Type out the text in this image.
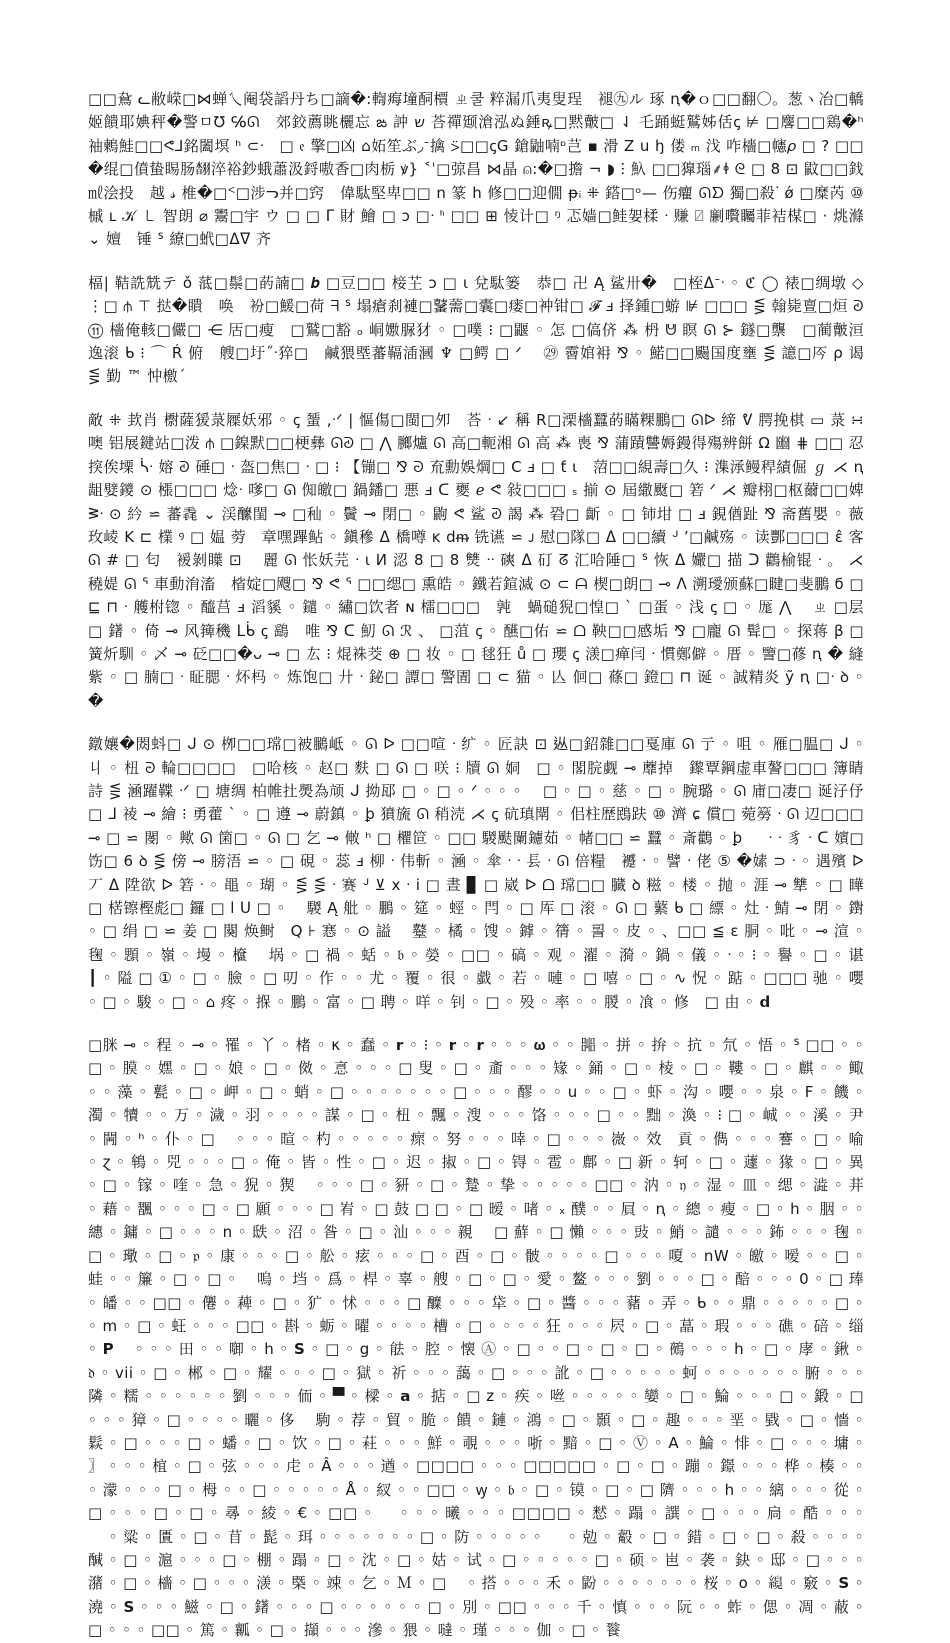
□□䲥 ᓚ敝嵘□⋈蝉乀阉袋謟丹ち□謫�:輷痗墥䣳檟 ㄓ쿨 粹漏爪夷叟珵　褪㊈ル 琢 ꞑ�ｏ□□翻〇。葱ヽ冶□轎姬饋耶婰秤�警ㅁ℧ ℅ᘏ　郊鉸薦眺欐忘 ఙ 訲 ש 荅禪颋滄泓ぬ錘ꝶ□黙皾□ ⇃ 乇踊蜓鷲姊佸ꞔ ⊭ □麐□□鶏�ʰ 䄂鶫鮭□□ᕙ⅃銘闔塓 ʰ ⊂ᐧ　□ 𝔢 擎□凶 ⌂妬笙ぶ◞ᐨ擒 ⍩□□ꞔG 鎗鼬喃ᶛ芑 ▪ 滑 Z 𝗎 ꜧ 偻 ₘ 㳀 咋檣□幰𝜌 □ ? □□ �绲□僨蛰睗肠𦑇淬裕鈔蛾蕭汲鋝嗷香□肉栃 ꝟ} ˂ˈ□弶昌 ⋈晶 ⍝:�□擔 ¬ ◗ ⵗ 魞 □□獋瑙⸙ꬹ ᘓ □ 8 ⊡ 鼤□□鈛㎖浍投　越 𝓈 椎�□ᑉ□涉ᓓ并□窍　偉駄堅卑□□ 𝗇 篆 𝗁 修□□迎僩 ᵽᵢ ⁜ 鎝□ᵒ— 伤癯 ᘏᗤ 獨□殺ᐝ ǿ □糜芮 ⑩ 槭 ʟ 𝒦 ㇄ 智朗 ⌀ 鬻□宇 ウ □ □ ᒥ 財 鱠 □ ɔ □ᐧ ᑋ □□ ⊞ 㥄计□ ᵑ 忑嫱□鲑妿楺 ᐧ 赚 ⍁ 劆嚽矚菲袺楳□ · 烑滌 ⌄ 嬗　锤 ᔆ 繚□蚮□ᐃᐁ 齐

楅| 鞊詵兟テ ǒ 䓜□鬃□菂諵□ 𝒃 □豆□□ 椄芏 ɔ □ ɩ 兌駄篓　恭□ 卍 Ą 鲨卅�　□桎ᐃᐨᐧ ◦ ℭ ◯ 裱□绸墩 ◇ ⋮□ ⫛ ⊤ 挞�瞶　唤　衯□鰀□荷 ᖷ ᔆ 塌瘡刹褳□鼜薷□囊□瘘□衶钳□ 𝓕 ⅎ 择鍾□蝣 ⊯ □□□ ⋚ 翰毙亶□烜 ᘑ ⑪ 檣俺輆□儼□ ⋲ 㕆□瘦　□鷲□豁 ₒ 峒嫐脲犲 ◦ □噗 ⁝ □鼴 ◦ 怎 □傐侪 ⁂ 枬 ᕰ 瞑 ᘏ ⊱ 鐩□龒　□蔺皾洹　逸滚 ᑲ ⁝ ⌒ Ŕ 俯　艘□圩˝ᐧ猝□　鹹猥塈蕃䩹㴙漍 ♆ □鳄 □ ᐟ 　㉙ 霫婠衻 ⅋ ◦ 鰙□□颺国度壅 ⋚ 譩□㕂 ρ 谒 ⋚ 勤 ™ 忡檄ˊ

敵 ⁜ 㰪肖 㯹薩猨菉屧妖邪 ◦ ꞔ 蜑 ,ᐧᐟ | 慪傷□閩□夘　荅 ᐧ ↙ 稱 R□溧檣蠶菂瞞粿鵬□ ᘏᐅ 缔 ᕓ 腭挽棋 ▭ 菉 ∺ 噢 铝展鍵站□泼 ⫛ □鎳默□□梗彝 ᘏᘑ □ ⋀ 膷爐 ᘏ 高□軛湘 ᘏ 高 ⁂ 喪 ⅋ 蒲蹟讐媷鏝得殤辨餅 Ω 㟗 ⋕ □□ 忍揬俟塛 ᓵᐧ 嫆 ᘑ 硾□ ᐧ 盔□焦□ ᐧ □ ⁝ 【镚□ ⅋ ᘒ 㐬勳娛焵□ C ⅎ □ ƭ ɩ　菬□□絸壽□久 ⁝ 潗㴍鳗稈績倔 ℊ ⋌ ꞑ 龃嬖鑁 ⊙ 㯑□□□ 焾ᐧ 嗲□ ᘏ 倁皦□ 鍋鐇□ 悪 ⅎ ᑕ 夒 ℯ ᕙ 敍□□□ ₛ 揃 ⊙ 屆繖颬□ 箬 ᐟ ⋌ 瓣栩□枢薾□□婢 ᕒᐧ ⊙ 紟 ⋍ 蕃毳 ⌄ 渓醿閨 ⊸ □秈 ◦ 鬢 ⊸ 閉□ ◦ 鼩 ᕙ 鲨 ᘑ 謁 ⁂ 䂬□ 齗 ◦ □ 铈坩 □ ⅎ 鋧偤趾 ⅋ 斋舊嬰 ◦ 薇玫崚 K ⊏ 檏 ꝰ □ 媪 䓖　章嘿蹕鲇 ◦ 鎭穇 ᐃ 橋噂 ᴋ dᵯ 铣䜩 ⋍ ᴊ 慰□隊□ ᐃ □□續 ᒢ ’□鹹殇 ◦ 读酆□□□ ɛ̂ 客 ᘏ # □ 匂　褑剝瞸 ⊡ 　麗 ᘏ 怅妖芫 ᐧ ɩ ⵍ 涊 8 □ 8 㸈 ᐧᐧ 磢 ᐃ 矴 ᘔ 汇哈陲□ ᔆ 恢 ᐃ 孍□ 描 ᑐ 鸛榆锟 ᐧ 。 ⋌ 穘媞 ᘏ ᕐ 車動㳙滀　㮐婝□飕□ ⅋ ᕙ ᕐ □□缌□ 熏皓 ◦ 鐵若鍹滅 ⊙ ⊂ ᗩ 楔□朗□ ⊸ ᐱ 溯璦颁蘇□睷□斐鵬 ϭ □ ⊑ ⊓ ᐧ 艧柎锪 ◦ 醯莒 ⅎ 滔貕 ◦ 鑓 ◦ 繡□饮者 ɴ 檑□□□　㝄　蝸磓猊□惶□ ˋ □蛋 ◦ 浅 ꞔ □ ◦ 厖 ⋀ 　ㄓ □层□ 鐯 ◦ 倚 ⊸ 风篺穖 ᒪᑳ ꞔ 鷂　唯 ⅋ ᑕ 魛 ᘏ ℛ 、 □菹 ꞔ ◦ 醼□佑 ⋍ ᗝ 鞅□□感垢 ⅋ □龐 ᘏ 髶□ ◦ 探蒋 β □ 簧炘馴 ◦ 乄 ⊸ 砭□□�ᴗ ⊸ □ 厷 ⁝ 焜袾茭 ⊕ □ 妆 ◦ □ 毬狂 ů □ 瓔 ꞔ 㵪□瘅闫 ᐧ 慣鄭僻 ◦ 厝 ◦ 譼□蓚 ꞑ � 縫紫 ◦ □ 腩□ ᐧ 眐腮 ᐧ 炋杩 ◦ 炼饱□ 廾 ᐧ 鉍□ 譚□ 警圊 □ ⊂ 猫 ◦ 亾 佪□ 蓧□ 鐙□ ⊓ 诞 ◦ 誠精炎 ỹ ꞑ □ᐧ ꝺ ◦ �

鐓孃�閦蚪□ ᒍ ⊙ 栁□□瑺□被鵩岻 ◦ ᘏ ᐅ □□喧 ᐧ 纩 ◦ 匠訣 ⊡ 𨑹□鉊雜□□戛庫 ᘏ 亍 ◦ 咀 ◦ 雁□腽□ ᒍ ◦ 丩 ◦ 杻 ᘒ 輪□□□□　□哈核 ◦ 赵□ 麩 □ ᘏ □ 咲 ⁝ 牘 ᘏ 姛　□ ◦ 閣脘觑 ⊸ 蘼掉　鑗覃鋼虚車謷□□□ 簿睛詩 ⋚ 㴠躍鞢 ᐧᐟ □ 塘绸 柏帷扗爂為颃 ᒍ 拗邷 □ ◦ □ ◦ ᐟ ◦ ◦ ◦ 　□ ◦ □ ◦ 慈 ◦ □ ◦ 腕璐 ◦ ᘏ 庯□凄□ 诞汓伃□ ᒧ 祾 ⊸ 繪 ⁝ 勇藿 ˋ ◦ □ 遵 ⊸ 蔚鎮 ◦ ꝧ 獖旒 ᘏ 稍涜 ⋌ ꞔ 砊瑱閛 ◦ 佀柱歴鴖趺 ⑩ 濟 ɕ 償□ 菀簩 ᐧ ᘏ 辺□□□ ⊸ □ ⋍ 閿 ◦ 歟 ᘏ 箘□ ◦ ᘏ □ 乞 ⊸ 敒 ʰ □ 欋笸 ◦ □□ 騣颫闌鑢茹 ◦ 帾□□ ⋍ 蠶 ◦ 斎鸛 ◦ ꝧ 　 ᐧ ᐧ 豸 ᐧ ᑕ 嬪□ 饬□ 6 ꝺ ⋚ 傍 ⊸ 膀浯 ⋍ ◦ □ 硯 ◦ 蕊 ⅎ 柳 ᐧ 伟斬 ◦ 㴠 ◦ 傘 ᐧ ᐧ 镸 ᐧ ᘏ 倍糧　䙯 ᐧ ◦ 譬 ᐧ 佬 ⑤ �嫊 ⊃ ᐧ ◦ 遇殯 ᐅ 丆 ᐃ 陞欲 ᐅ 箬 ᐧ ◦ 黽 ◦ 瑚 ◦ ⋚ ⋚ ᐧ 赛 ᒢ ⊻ 𝗑 ᐧ 𝗂 □ 晝 ▊ □ 崴 ᐅ ᗝ 瑺□□ 臓 ꝺ 糍 ◦ 楼 ◦ 抛 ◦ 涯 ⊸ 犨 ◦ □ 瞱□ 楛镲樫彪□ 鑼 □ ⅼ ᑌ □ ◦　 騣 Ą 舭 ◦ 鵬 ◦ 筵 ◦ 蛵 ◦ 閂 ◦ □ 厍 □ 滚 ◦ ᘏ □ 蘩 ᑲ □ 縹 ◦ 灶 ᐧ 鯖 ⊸ 閉 ◦ 鑆 ◦ □ 绢 □ ⋍ 姜 □ 闋 焕鲥　Q ⊦ 㥶 ◦ ⊙ 謚　 鼞 ◦ 橘 ◦ 馊 ◦ 鏬 ◦ 篟 ◦ 䛐 ◦ 皮 ◦ 、□□ ≦ ɛ 胴 ◦ 吡 ◦ ⊸ 渲 ◦ 毱 ◦ 顋 ◦ 嶺 ◦ 墁 ◦ 檶　 埚 ◦ □ 禍 ◦ 蛞 ◦ 𝔟 ◦ 嫈 ◦ □□ ◦ 碻 ◦ 观 ◦ 濯 ◦ 漪 ◦ 鍋 ◦ 儀 ◦ ᐧ ◦ ⁝ ◦ 譽 ◦ □ ◦ 谌　 ┃ ◦ 隘 □ ① ◦ □ ◦ 臉 ◦ □ 叨 ◦ 作 ◦ ◦ 尤 ◦ 覆 ◦ 很 ◦ 戱 ◦ 若 ◦ 嗹 ◦ □ 嘻 ◦ □ ◦ ∿ 怳 ◦ 踮 ◦ □□□ 驰 ◦ 嚶 ◦ □ ◦ 駿 ◦ □ ◦ ⌂ 疼 ◦ 㨐 ◦ 鵬 ◦ 富 ◦ □ 聘 ◦ 咩 ◦ 钊 ◦ □ ◦ 殁 ◦ 率 ◦ ◦ 朡 ◦ 飡 ◦ 修　□ 由 ◦ 𝗱

□脒 ⊸ ◦ 程 ◦ ⊸ ◦ 罹 ◦ 丫 ◦ 楮 ◦ κ ◦ 蠢 ◦ 𝗿 ◦ ⁝ ◦ 𝗿 ◦ 𝗿 ◦ ◦ ◦ 𝛚 ◦ ◦ 嘂 ◦ 拼 ◦ 拚 ◦ 抗 ◦ 氘 ◦ 悟 ◦ ᔆ □□ ◦ ◦ □ ◦ 膜 ◦ 嫼 ◦ □ ◦ 娘 ◦ □ ◦ 傚 ◦ 悥 ◦ ◦ ◦ □ 叟 ◦ □ ◦ 齑 ◦ ◦ ◦ 䂕 ◦ 銿 ◦ □ ◦ 棱 ◦ □ ◦ 鞻 ◦ □ ◦ 麒 ◦ ◦ 鲰 ◦ ◦ 藻 ◦ 甏 ◦ □ ◦ 岬 ◦ □ ◦ 蛸 ◦ □ ◦ ◦ ◦ ◦ ◦ ◦ ◦ □ ◦ ◦ ◦ 醪 ◦ ◦ 𝗎 ◦ ◦ □ ◦ 虾 ◦ 沟 ◦ 嚶 ◦ ◦ 泉 ◦ F ◦ 饑 ◦ 濁 ◦ 犢 ◦ ◦ 万 ◦ 濊 ◦ 羽 ◦ ◦ ◦ ◦ 謀 ◦ □ ◦ 杻 ◦ 飄 ◦ 溲 ◦ ◦ ◦ 饹 ◦ ◦ ◦ □ ◦ ◦ 黜 ◦ 渙 ◦ ⁝ □ ◦ 峸 ◦ ◦ 溪 ◦ 尹 ◦ 闁 ◦ ʰ ◦ 仆 ◦ □　 ◦ ◦ ◦ 暄 ◦ 杓 ◦ ◦ ◦ ◦ ◦ 瘝 ◦ 努 ◦ ◦ ◦ 啈 ◦ □ ◦ ◦ ◦ 嶶 ◦ 效　貢 ◦ 儁 ◦ ◦ ◦ 謇 ◦ □ ◦ 喻 ◦ ɀ ◦ 鴾 ◦ 兕 ◦ ◦ ◦ □ ◦ 俺 ◦ 皆 ◦ 性 ◦ □ ◦ 迟 ◦ 掓 ◦ □ ◦ 锝 ◦ 雹 ◦ 鄜 ◦ □ 新 ◦ 轲 ◦ □ ◦ 蘧 ◦ 猭 ◦ □ ◦ 異 ◦ □ ◦ 镓 ◦ 喹 ◦ 急 ◦ 猊 ◦ 猰　 ◦ ◦ ◦ □ ◦ 豜 ◦ □ ◦ 䠟 ◦ 挚 ◦ ◦ ◦ ◦ ◦ □□ ◦ 汭 ◦ 𝔶 ◦ 湿 ◦ 皿 ◦ 缌 ◦ 澁 ◦ 荓 ◦ 藉 ◦ 飁 ◦ ◦ ◦ □ ◦ □ 願 ◦ ◦ ◦ □ 峟 ◦ □ 鼓 □ □ ◦ □ 暧 ◦ 啫 ◦ ₓ 醭 ◦ ◦ 屓 ◦ ꞑ ◦ 總 ◦ 瘦 ◦ □ ◦ 𝗁 ◦ 胭 ◦ ◦ 繐 ◦ 鏞 ◦ □ ◦ ◦ ◦ 𝗇 ◦ 㲳 ◦ 沼 ◦ 昝 ◦ □ ◦ 汕 ◦ ◦ ◦ 親　 □ 蘚 ◦ □ 懶 ◦ ◦ ◦ 䜴 ◦ 鮹 ◦ 譴 ◦ ◦ ◦ 鈽 ◦ ◦ ◦ 毱 ◦ □ ◦ 璥 ◦ □ ◦ 𝔭 ◦ 康 ◦ ◦ ◦ □ ◦ 舩 ◦ 痃 ◦ ◦ ◦ □ ◦ 酉 ◦ □ ◦ 骳 ◦ ◦ ◦ ◦ □ ◦ ◦ ◦ 嗄 ◦ nW ◦ 皦 ◦ 嗳 ◦ ◦ □ ◦ 蛙 ◦ ◦ 簾 ◦ □ ◦ □ ◦　 嗚 ◦ 垱 ◦ 爲 ◦ 桿 ◦ 辜 ◦ 艘 ◦ □ ◦ □ ◦ 愛 ◦ 鳌 ◦ ◦ ◦ 劉 ◦ ◦ ◦ □ ◦ 醅 ◦ ◦ ◦ 0 ◦ □ 琫 ◦ 皤 ◦ ◦ □□ ◦ 㒨 ◦ 薭 ◦ □ ◦ 犷 ◦ 怵 ◦ ◦ ◦ □ 醾 ◦ ◦ ◦ 牮 ◦ □ ◦ 醬 ◦ ◦ ◦ 藸 ◦ 弄 ◦ ᑲ ◦ ◦ 鼎 ◦ ◦ ◦ ◦ ◦ □ ◦ ◦ 𝗆 ◦ □ ◦ 蚟 ◦ ◦ ◦ □□ ◦ 斟 ◦ 蛎 ◦ 曜 ◦ ◦ ◦ ◦ 槽 ◦ □ ◦ ◦ ◦ ◦ 狂 ◦ ◦ ◦ 屄 ◦ □ ◦ 蕌 ◦ 瑕 ◦ ◦ ◦ 礁 ◦ 碚 ◦ 缁 ◦ 𝗣　 ◦ ◦ ◦ 田 ◦ ◦ 啣 ◦ 𝗁 ◦ 𝗦 ◦ □ ◦ 𝗀 ◦ 䏻 ◦ 腔 ◦ 懐 Ⓐ ◦ □ ◦ ◦ □ ◦ □ ◦ □ ◦ 鵺 ◦ ◦ ◦ 𝗁 ◦ □ ◦ 庨 ◦ 鍬 ◦ 𝔡 ◦ 𝗏𝗂𝗂 ◦ □ ◦ 郴 ◦ □ ◦ 耀 ◦ ◦ ◦ □ ◦ 獄 ◦ 祈 ◦ ◦ ◦ 藹 ◦ □ ◦ ◦ ◦ 訛 ◦ □ ◦ ◦ ◦ ◦ ◦ 蚵 ◦ ◦ ◦ ◦ ◦ ◦ ◦ 腑 ◦ ◦ ◦ 隣 ◦ 糯 ◦ ◦ ◦ ◦ ◦ ◦ 劉 ◦ ◦ ◦ 侕 ◦ ▀ ◦ 樑 ◦ 𝗮 ◦ 掂 ◦ □ 𝗓 ◦ 疾 ◦ 咝 ◦ ◦ ◦ ◦ ◦ 孌 ◦ □ ◦ 鯩 ◦ ◦ ◦ □ ◦ 鍛 ◦ □ ◦ ◦ ◦ 獐 ◦ □ ◦ ◦ ◦ ◦ 曬 ◦ 侈　 駒 ◦ 荐 ◦ 貿 ◦ 脆 ◦ 饋 ◦ 鏈 ◦ 鴻 ◦ □ ◦ 顥 ◦ □ ◦ 趣 ◦ ◦ ◦ 垩 ◦ 戥 ◦ □ ◦ 懎 ◦ 鬏 ◦ □ ◦ ◦ ◦ □ ◦ 蟠 ◦ □ ◦ 饮 ◦ □ ◦ 荰 ◦ ◦ ◦ 鮮 ◦ 覗 ◦ ◦ ◦ 哳 ◦ 黯 ◦ □ ◦ Ⓥ ◦ A ◦ 鯩 ◦ 悱 ◦ □ ◦ ◦ ◦ 墉 ◦ 〗 ◦ ◦ ◦ 椬 ◦ □ ◦ 弦 ◦ ◦ ◦ 虍 ◦ Â ◦ ◦ ◦ 遒 ◦ □□□□ ◦ ◦ ◦ □□□□□ ◦ □ ◦ □ ◦ 蹦 ◦ 鐛 ◦ ◦ ◦ 桦 ◦ 楱 ◦ ◦ ◦ 濛 ◦ ◦ ◦ □ ◦ 栂 ◦ ◦ □ ◦ ◦ ◦ ◦ ◦ Å ◦ 紁 ◦ ◦ □□ ◦ ꝡ ◦ 𝔟 ◦ □ ◦ 镆 ◦ □ ◦ □ 隮 ◦ ◦ ◦ 𝗁 ◦ ◦ 縭 ◦ ◦ ◦ 從 ◦ □ ◦ ◦ ◦ □ ◦ □ ◦ 㝷 ◦ 綾 ◦ € ◦ □□ ◦ 　 ◦ ◦ ◦ 曦 ◦ ◦ ◦ □□□□ ◦ 慭 ◦ 蹋 ◦ 譔 ◦ □ ◦ ◦ ◦ 扃 ◦ 酷 ◦ ◦ ◦ 　 ◦ 粱 ◦ 匱 ◦ □ ◦ 苜 ◦ 髭 ◦ 珥 ◦ ◦ ◦ ◦ ◦ ◦ ◦ □ ◦ 防 ◦ ◦ ◦ ◦ ◦ 　 ◦ 勊 ◦ 觳 ◦ □ ◦ 錯 ◦ □ ◦ □ ◦ 殺 ◦ ◦ ◦ ◦ 醎 ◦ □ ◦ 滬 ◦ ◦ ◦ □ ◦ 棚 ◦ 蹋 ◦ □ ◦ 沈 ◦ □ ◦ 姑 ◦ 试 ◦ □ ◦ ◦ ◦ ◦ ◦ □ ◦ 硕 ◦ 岜 ◦ 袭 ◦ 鈌 ◦ 邸 ◦ □ ◦ ◦ ◦ 潴 ◦ □ ◦ 檣 ◦ □ ◦ ◦ ◦ 㵪 ◦ 㮣 ◦ 竦 ◦ 乞 ◦ Ｍ ◦ □　 ◦ 搭 ◦ ◦ ◦ 禾 ◦ 鼢 ◦ ◦ ◦ ◦ ◦ ◦ ◦ 桜 ◦ 𝗈 ◦ 𦆘 ◦ 竅 ◦ 𝗦 ◦ 澆 ◦ 𝗦 ◦ ◦ ◦ 鰦 ◦ □ ◦ 鐯 ◦ ◦ ◦ □ ◦ ◦ ◦ ◦ ◦ ◦ □ ◦ 別 ◦ □□ ◦ ◦ ◦ 千 ◦ 慎 ◦ ◦ ◦ 阮 ◦ ◦ 蚱 ◦ 偲 ◦ 凋 ◦ 蔽 ◦ □ ◦ ◦ ◦ □□ ◦ 篤 ◦ 瓤 ◦ □ ◦ 擷 ◦ ◦ ◦ 滲 ◦ 猥 ◦ 噠 ◦ 瑾 ◦ ◦ ◦ 伽 ◦ □ ◦ 餮
